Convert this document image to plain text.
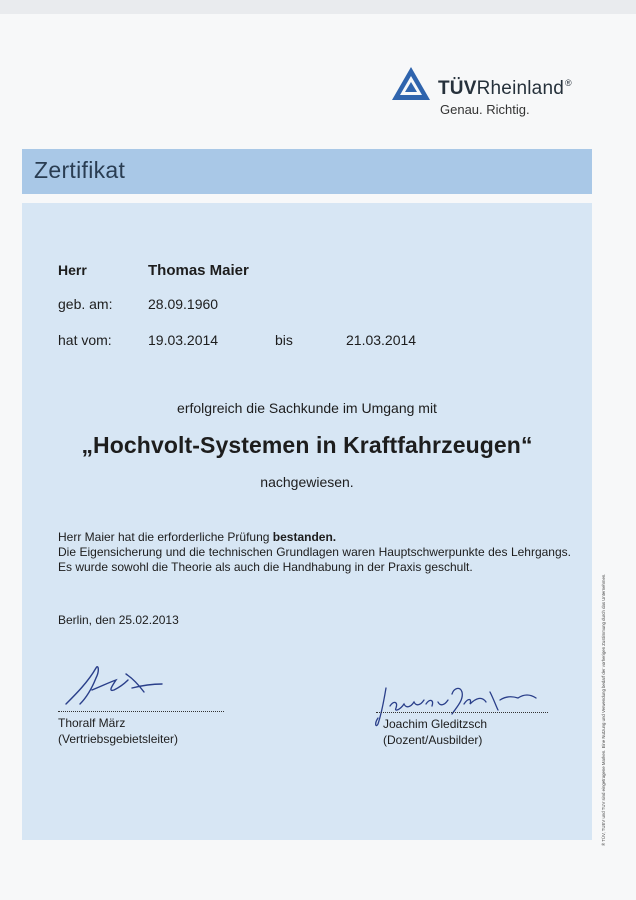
TÜVRheinland®
Genau. Richtig.
Zertifikat
Herr	Thomas Maier
geb. am:	28.09.1960
hat vom:	19.03.2014	bis	21.03.2014
erfolgreich die Sachkunde im Umgang mit
„Hochvolt-Systemen in Kraftfahrzeugen“
nachgewiesen.
Herr Maier hat die erforderliche Prüfung bestanden.
Die Eigensicherung und die technischen Grundlagen waren Hauptschwerpunkte des Lehrgangs. Es wurde sowohl die Theorie als auch die Handhabung in der Praxis geschult.
Berlin, den 25.02.2013
Thoralf März
(Vertriebsgebietsleiter)
Joachim Gleditzsch
(Dozent/Ausbilder)	® TÜV, TUEV und TUV sind eingetragene Marken. Eine Nutzung und Verwendung bedarf der vorherigen Zustimmung durch das Unternehmen.
